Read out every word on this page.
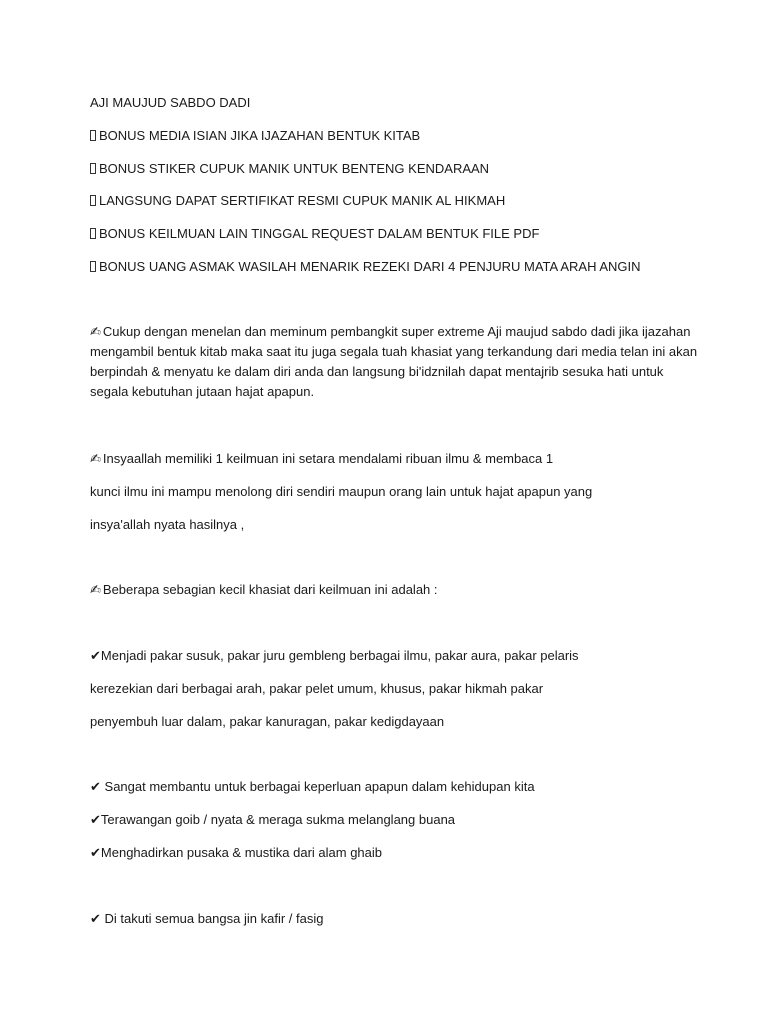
AJI MAUJUD SABDO DADI
BONUS MEDIA ISIAN JIKA IJAZAHAN BENTUK KITAB
BONUS STIKER CUPUK MANIK UNTUK BENTENG KENDARAAN
LANGSUNG DAPAT SERTIFIKAT RESMI CUPUK MANIK AL HIKMAH
BONUS KEILMUAN LAIN TINGGAL REQUEST DALAM BENTUK FILE PDF
BONUS UANG ASMAK WASILAH MENARIK REZEKI DARI 4 PENJURU MATA ARAH ANGIN
✍ Cukup dengan menelan dan meminum pembangkit super extreme Aji maujud sabdo dadi jika ijazahan mengambil bentuk kitab maka saat itu juga segala tuah khasiat yang terkandung dari media telan ini akan berpindah & menyatu ke dalam diri anda dan langsung bi'idznilah dapat mentajrib sesuka hati untuk segala kebutuhan jutaan hajat apapun.
✍ Insyaallah memiliki 1 keilmuan ini setara mendalami ribuan ilmu & membaca 1
kunci ilmu ini mampu menolong diri sendiri maupun orang lain untuk hajat apapun yang
insya'allah nyata hasilnya ,
✍ Beberapa sebagian kecil khasiat dari keilmuan ini adalah :
✔Menjadi pakar susuk, pakar juru gembleng berbagai ilmu, pakar aura, pakar pelaris
kerezekian dari berbagai arah, pakar pelet umum, khusus, pakar hikmah pakar
penyembuh luar dalam, pakar kanuragan, pakar kedigdayaan
✔ Sangat membantu untuk berbagai keperluan apapun dalam kehidupan kita
✔Terawangan goib / nyata & meraga sukma melanglang buana
✔Menghadirkan pusaka & mustika dari alam ghaib
✔ Di takuti semua bangsa jin kafir / fasig
